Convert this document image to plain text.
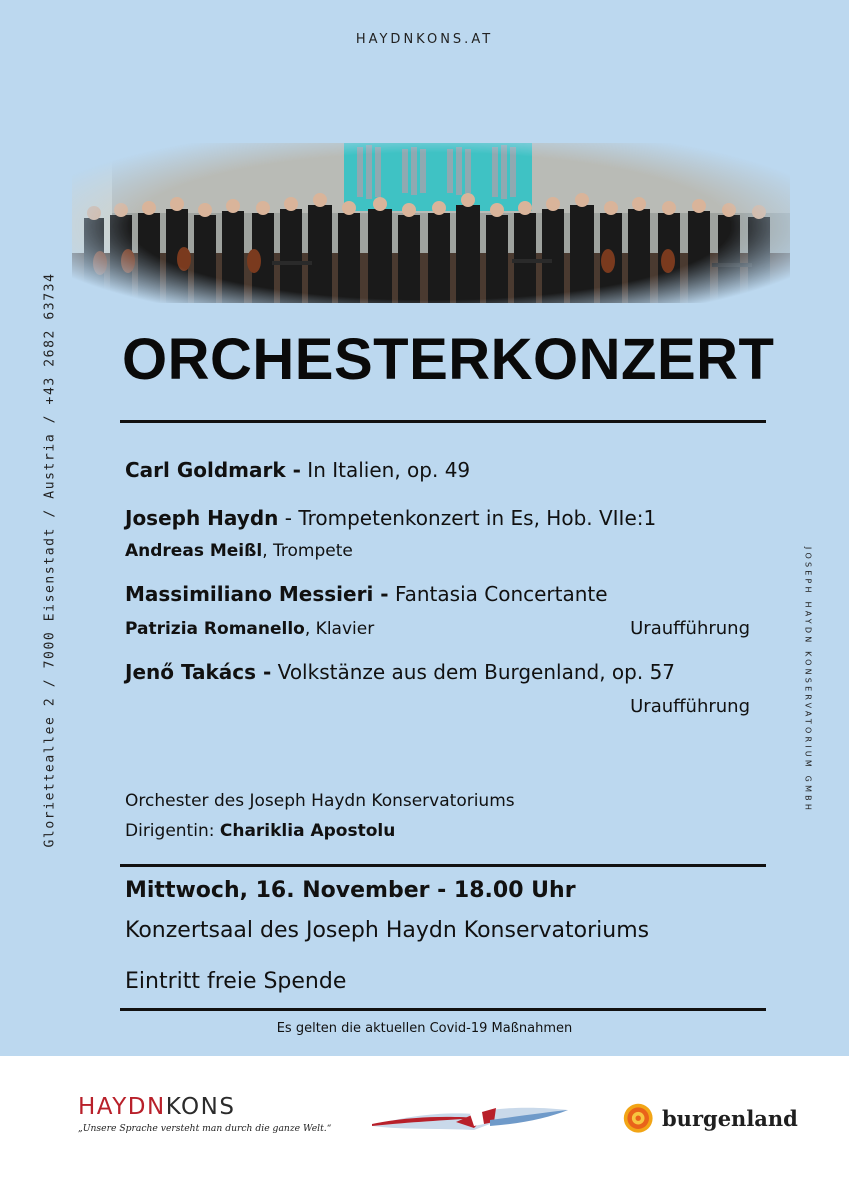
HAYDNKONS.AT
Glorietteallee 2 / 7000 Eisenstadt / Austria / +43 2682 63734	JOSEPH HAYDN KONSERVATORIUM GMBH
ORCHESTERKONZERT
Carl Goldmark - In Italien, op. 49
Joseph Haydn - Trompetenkonzert in Es, Hob. VIIe:1
Andreas Meißl, Trompete
Massimiliano Messieri - Fantasia Concertante
Patrizia Romanello, Klavier	Uraufführung
Jenő Takács - Volkstänze aus dem Burgenland, op. 57
Uraufführung
Orchester des Joseph Haydn Konservatoriums
Dirigentin: Chariklia Apostolu
Mittwoch, 16. November - 18.00 Uhr
Konzertsaal des Joseph Haydn Konservatoriums
Eintritt freie Spende
Es gelten die aktuellen Covid-19 Maßnahmen
HAYDNKONS
„Unsere Sprache versteht man durch die ganze Welt.“	burgenland
